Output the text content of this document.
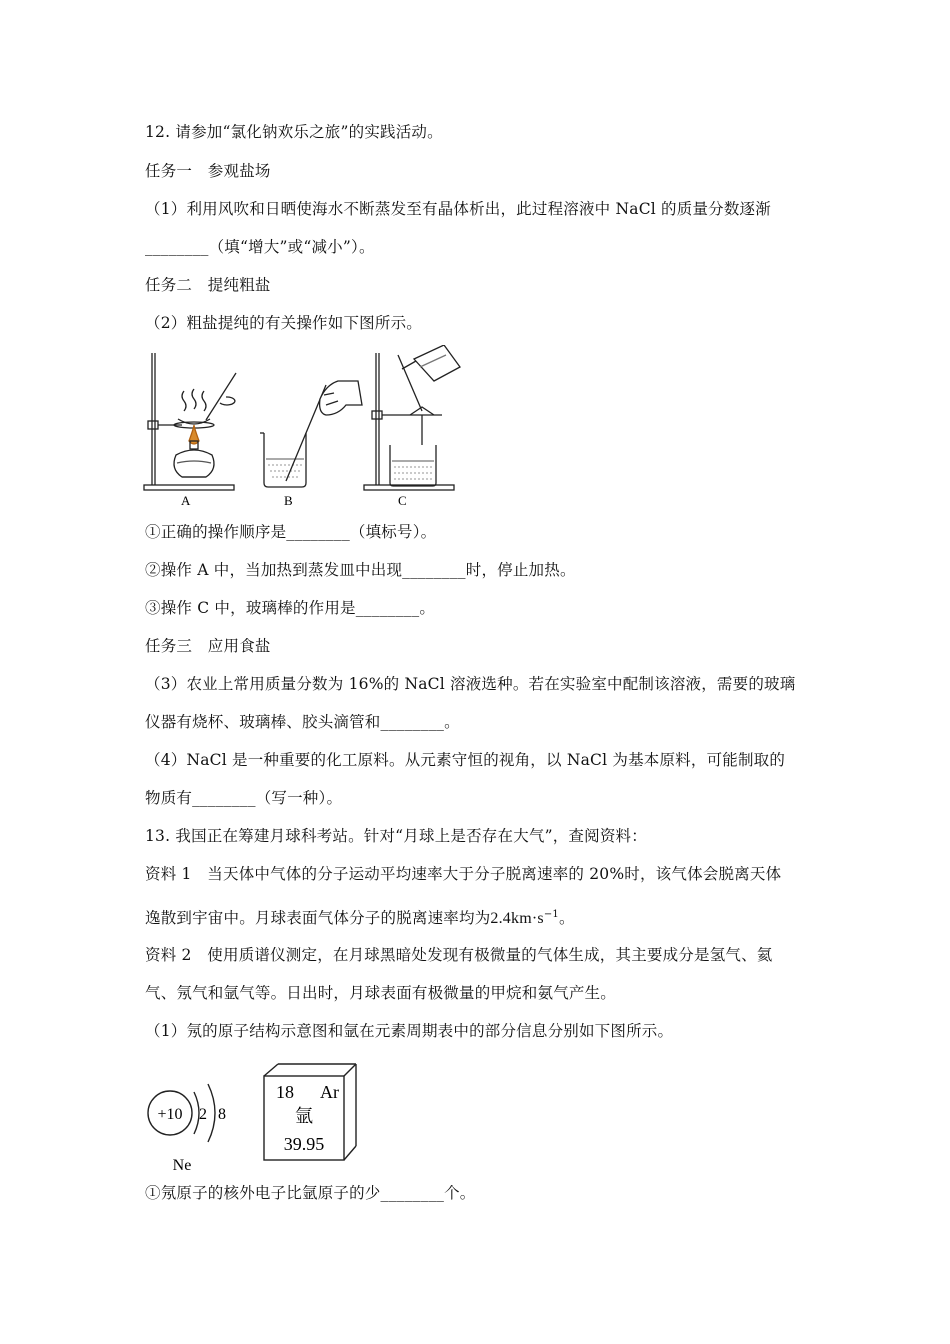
12. 请参加“氯化钠欢乐之旅”的实践活动。
任务一　参观盐场
（1）利用风吹和日晒使海水不断蒸发至有晶体析出，此过程溶液中 NaCl 的质量分数逐渐
________（填“增大”或“减小”）。
任务二　提纯粗盐
（2）粗盐提纯的有关操作如下图所示。
A	B	C
①正确的操作顺序是________（填标号）。
②操作 A 中，当加热到蒸发皿中出现________时，停止加热。
③操作 C 中，玻璃棒的作用是________。
任务三　应用食盐
（3）农业上常用质量分数为 16%的 NaCl 溶液选种。若在实验室中配制该溶液，需要的玻璃
仪器有烧杯、玻璃棒、胶头滴管和________。
（4）NaCl 是一种重要的化工原料。从元素守恒的视角，以 NaCl 为基本原料，可能制取的
物质有________（写一种）。
13. 我国正在筹建月球科考站。针对“月球上是否存在大气”，查阅资料：
资料 1　当天体中气体的分子运动平均速率大于分子脱离速率的 20%时，该气体会脱离天体
逸散到宇宙中。月球表面气体分子的脱离速率均为$2.4km\cdot s^{-1}$。
资料 2　使用质谱仪测定，在月球黑暗处发现有极微量的气体生成，其主要成分是氢气、氦
气、氖气和氩气等。日出时，月球表面有极微量的甲烷和氨气产生。
（1）氖的原子结构示意图和氩在元素周期表中的部分信息分别如下图所示。
+10 2 8
Ne
18 Ar
氩
39.95
①氖原子的核外电子比氩原子的少________个。
